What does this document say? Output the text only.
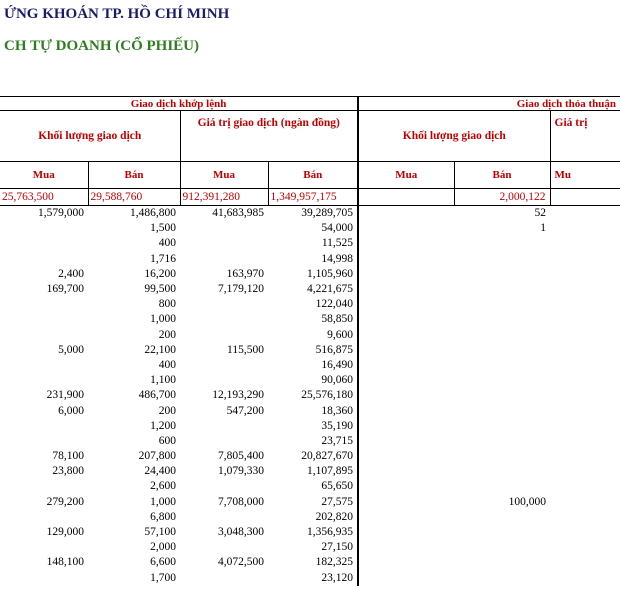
ỨNG KHOÁN TP. HỒ CHÍ MINH
CH TỰ DOANH (CỔ PHIẾU)
Giao dịch khớp lệnh				Giao dịch thỏa thuận		
Khối lượng giao dịch		Giá trị giao dịch (ngàn đồng)		Khối lượng giao dịch		Giá trị
Mua	Bán	Mua	Bán	Mua	Bán	Mu
25,763,500	29,588,760	912,391,280	1,349,957,175		2,000,122	
1,579,000	1,486,800	41,683,985	39,289,705		52	
	1,500		54,000		1	
	400		11,525			
	1,716		14,998			
2,400	16,200	163,970	1,105,960			
169,700	99,500	7,179,120	4,221,675			
	800		122,040			
	1,000		58,850			
	200		9,600			
5,000	22,100	115,500	516,875			
	400		16,490			
	1,100		90,060			
231,900	486,700	12,193,290	25,576,180			
6,000	200	547,200	18,360			
	1,200		35,190			
	600		23,715			
78,100	207,800	7,805,400	20,827,670			
23,800	24,400	1,079,330	1,107,895			
	2,600		65,650			
279,200	1,000	7,708,000	27,575		100,000	
	6,800		202,820			
129,000	57,100	3,048,300	1,356,935			
	2,000		27,150			
148,100	6,600	4,072,500	182,325			
	1,700		23,120			
